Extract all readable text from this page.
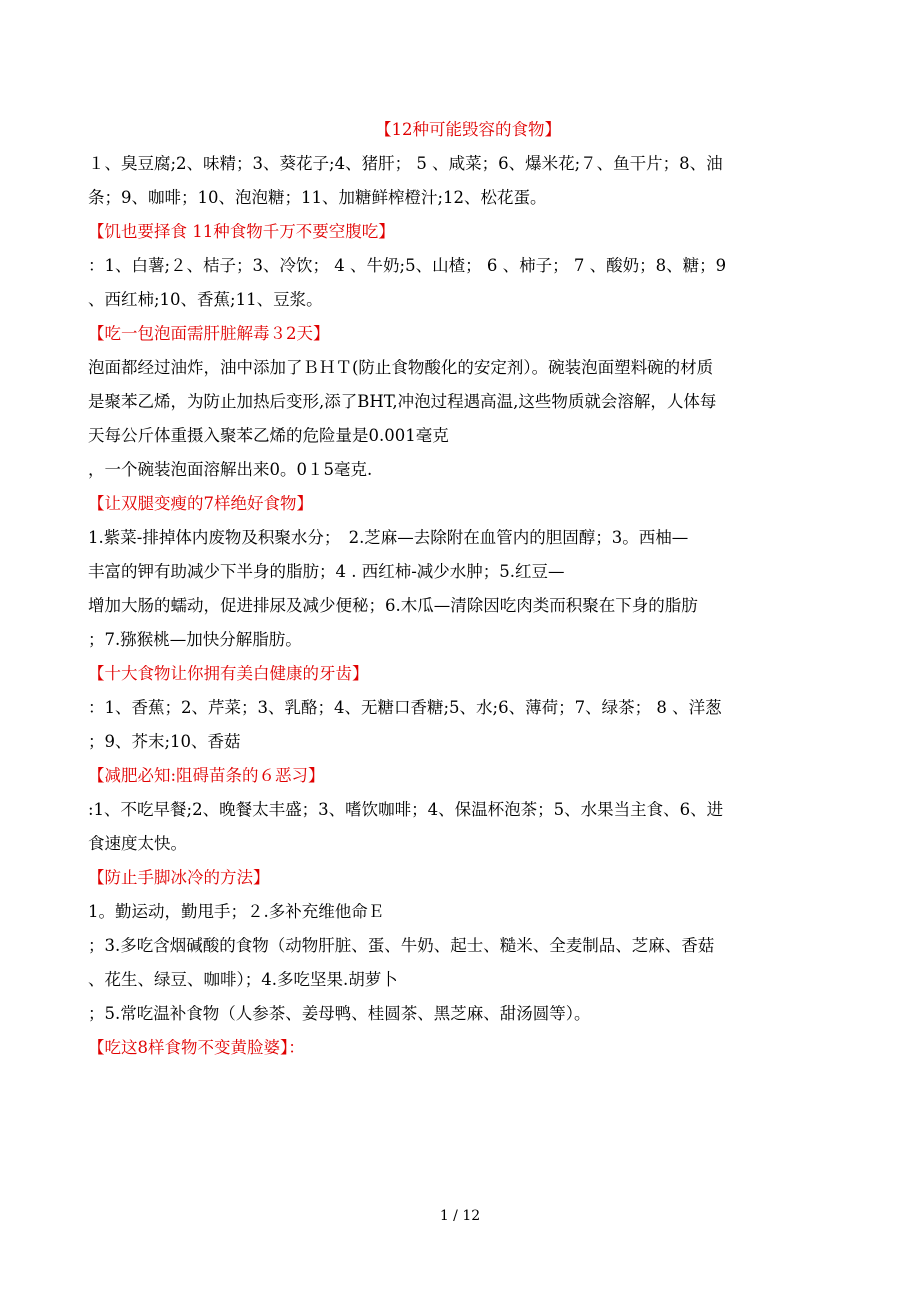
【12种可能毁容的食物】
１、臭豆腐;2、味精；3、葵花子;4、猪肝； 5 、咸菜；6、爆米花;７、鱼干片；8、油
条；9、咖啡；10、泡泡糖；11、加糖鲜榨橙汁;12、松花蛋。
【饥也要择食 11种食物千万不要空腹吃】
：1、白薯;２、桔子；3、冷饮； 4 、牛奶;5、山楂； 6 、柿子； 7 、酸奶；8、糖；9
、西红柿;10、香蕉;11、豆浆。
【吃一包泡面需肝脏解毒３2天】
泡面都经过油炸，油中添加了ＢＨＴ(防止食物酸化的安定剂）。碗装泡面塑料碗的材质
是聚苯乙烯，为防止加热后变形,添了BHT,冲泡过程遇高温,这些物质就会溶解，人体每
天每公斤体重摄入聚苯乙烯的危险量是0.001毫克
，一个碗装泡面溶解出来0。0１5毫克.
【让双腿变瘦的7样绝好食物】
1.紫菜-排掉体内废物及积聚水分；　2.芝麻—去除附在血管内的胆固醇；3。西柚—
丰富的钾有助减少下半身的脂肪；4 . 西红柿-减少水肿；5.红豆—
增加大肠的蠕动，促进排尿及减少便秘；6.木瓜—清除因吃肉类而积聚在下身的脂肪
；7.猕猴桃—加快分解脂肪。
【十大食物让你拥有美白健康的牙齿】
：1、香蕉；2、芹菜；3、乳酪；4、无糖口香糖;5、水;6、薄荷；7、绿茶； 8 、洋葱
；9、芥末;10、香菇
【减肥必知:阻碍苗条的６恶习】
:1、不吃早餐;2、晚餐太丰盛；3、嗜饮咖啡；4、保温杯泡茶；5、水果当主食、6、进
食速度太快。
【防止手脚冰冷的方法】
1。勤运动，勤甩手；２.多补充维他命Ｅ
；3.多吃含烟碱酸的食物（动物肝脏、蛋、牛奶、起士、糙米、全麦制品、芝麻、香菇
、花生、绿豆、咖啡）；4.多吃坚果.胡萝卜
；5.常吃温补食物（人参茶、姜母鸭、桂圆茶、黑芝麻、甜汤圆等）。
【吃这8样食物不变黄脸婆】：
1 / 12
